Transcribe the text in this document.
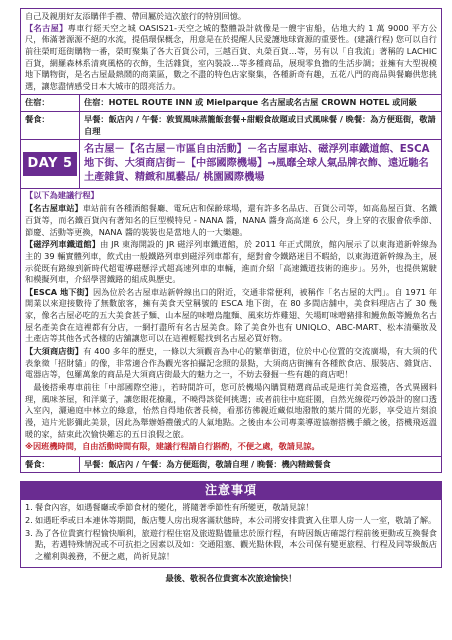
自己及親朋好友添購伴手禮、帶回屬於這次旅行的特別回憶。
【名古屋】專車行經天空之城 OASIS21-天空之城的整體設計就像是一艘宇宙船，佔地大約 1 萬 9000 平方公尺，佈滿著源源不絕的水流，提倡環保概念，用意是在於提醒人民愛護地球資源的重要性。(建議行程) 您可以自行前往榮町逛街購物一番，榮町聚集了各大百貨公司，三越百貨、丸榮百貨…等，另有以「自我流」著稱的 LACHIC 百貨，網羅森林系清爽風格的衣飾，生活雜貨，室內裝設…等多種商品，展現零負擔的生活步調；並擁有大型視模地下購物街，是名古屋最熱鬧的商業區，數之不盡的特色店家聚集，各種新奇有趣，五花八門的商品與餐廳供您挑選，讓您盡情感受日本大城市的悶亮活力。

住宿：	住宿：HOTEL ROUTE INN 或 Mielparque 名古屋或名古屋 CROWN HOTEL 或同級
餐食：	早餐：飯店內 / 午餐：敦賀風味蒸籠飯套餐+甜蝦食故題或日式風味餐 / 晚餐：為方便逛街，敬請自理
DAY 5
名古屋－【名古屋－市區自由活動】－名古屋車站、磁浮列車鐵道館、ESCA 地下街、大須商店街－【中部國際機場】→風靡全球人氣品牌衣飾、遠近馳名土產雜貨、精緻和風藝品/ 桃園國際機場
【以下為建議行程】

【名古屋車站】車站前有各種酒館餐廳、電玩店和保齡球場，還有許多名品店、百貨公司等，如高島屋百貨、名鐵百貨等，而名鐵百貨內有著知名的巨型模特兒 - NANA 醬，NANA 醬身高高達 6 公尺，身上穿的衣服會依季節、節慶、活動等更換，NANA 醬的裝裝也是當地人的一大樂趣。

【磁浮列車鐵道館】由 JR 東海開設的 JR 磁浮列車鐵道館，於 2011 年正式開放，館內展示了以東海道新幹線為主的 39 輛實體列車，飲式由一般鐵路列車到磁浮列車都有，絕對會令鐵路迷目不暇給，以東海道新幹線為主，展示從既有路線到新時代超電導磁懸浮式超高速列車的車輛，進而介紹「高速鐵道技術的進步」。另外，也提供駕駛和模擬列車，介紹學習鐵路的組成與歷史。

【ESCA 地下街】因為位於名古屋車站新幹線出口的附近，交通非常便利，被稱作「名古屋的大門」。自 1971 年開業以來迎接數待了無數旅客，擁有美食天堂稱號的 ESCA 地下街，在 80 多間店舖中，美食料理店占了 30 幾家，像名古屋必吃的五大美食甚子麵、山本屋的味噌烏龍麵、風來坊炸雞翅、矢場町味噌豬排和鰻魚飯等鰻魚名古屋名產美食在這裡都有分店，一網打盡所有名古屋美食。除了美食外也有 UNIQLO、ABC-MART、松本清藥妝及土產店等其他各式各樣的店舖讓您可以在這裡輕鬆找到名古屋必買好物。

【大須商店街】有 400 多年的歷史，一條以大須觀音為中心的繁華街道，位於中心位置的交流廣場，有大須的代表象徵「招財貓」的像，非常適合作為觀光客拍攝記念照的景點，大須商店街擁有各種飲食店、服裝店、雜貨店、電器店等，包羅萬象的商品是大須商店街最大的魅力之一，不妨去發掘一些有趣的商店吧！

　最後搭乘專車前往「中部國際空港」，若時間許可，您可於機場內購買精選商品或是進行美食巡禮，各式異國料理，風味茶屋，和洋菓子，讓您眼花撩亂，不曉得該從何挑選；或者前往中庭莊園，自然光線從巧妙設計的窗口透入室內，灑遍庭中林立的綠意，怡然自得地依著長椅，看那彷彿親近藏似地潑散的葉片間的光影，享受這片刻浪漫，這片光影彌此美景，因此為舉辦婚禮儀式的人氣地點。之後由本公司專業導遊協辦搭機手續之後，搭機飛返溫暖的家，結束此次愉快難忘的五日浪假之旅。

※因班機時間，自由活動時間有限，建議行程請自行斟酌，不便之處，敬請見諒。

餐食：	早餐：飯店內 / 午餐：為方便逛街，敬請自理 / 晚餐：機內精緻餐食
注意事項
1. 餐食內容，如遇餐廳或季節食材的變化，將隨著季節性有所變更，敬請見諒！
2. 如遇旺季或日本連休等期間，飯店雙人房出現客滿狀態時，本公司將安排貴賓入住單人房一人一室，敬請了解。
3. 為了各位貴賓行程愉快順利，旅遊行程住宿及旅遊點儘量忠於原行程，有時因飯店確認行程前後更動或互換餐食點，若遇特殊情況或不可抗拒之因素以及如：交通阻塞、觀光點休假，本公司保有變更旅程、行程及同等級飯店之權利與義務，不便之處，尚祈見諒！
最後、敬祝各位貴賓本次旅途愉快！
